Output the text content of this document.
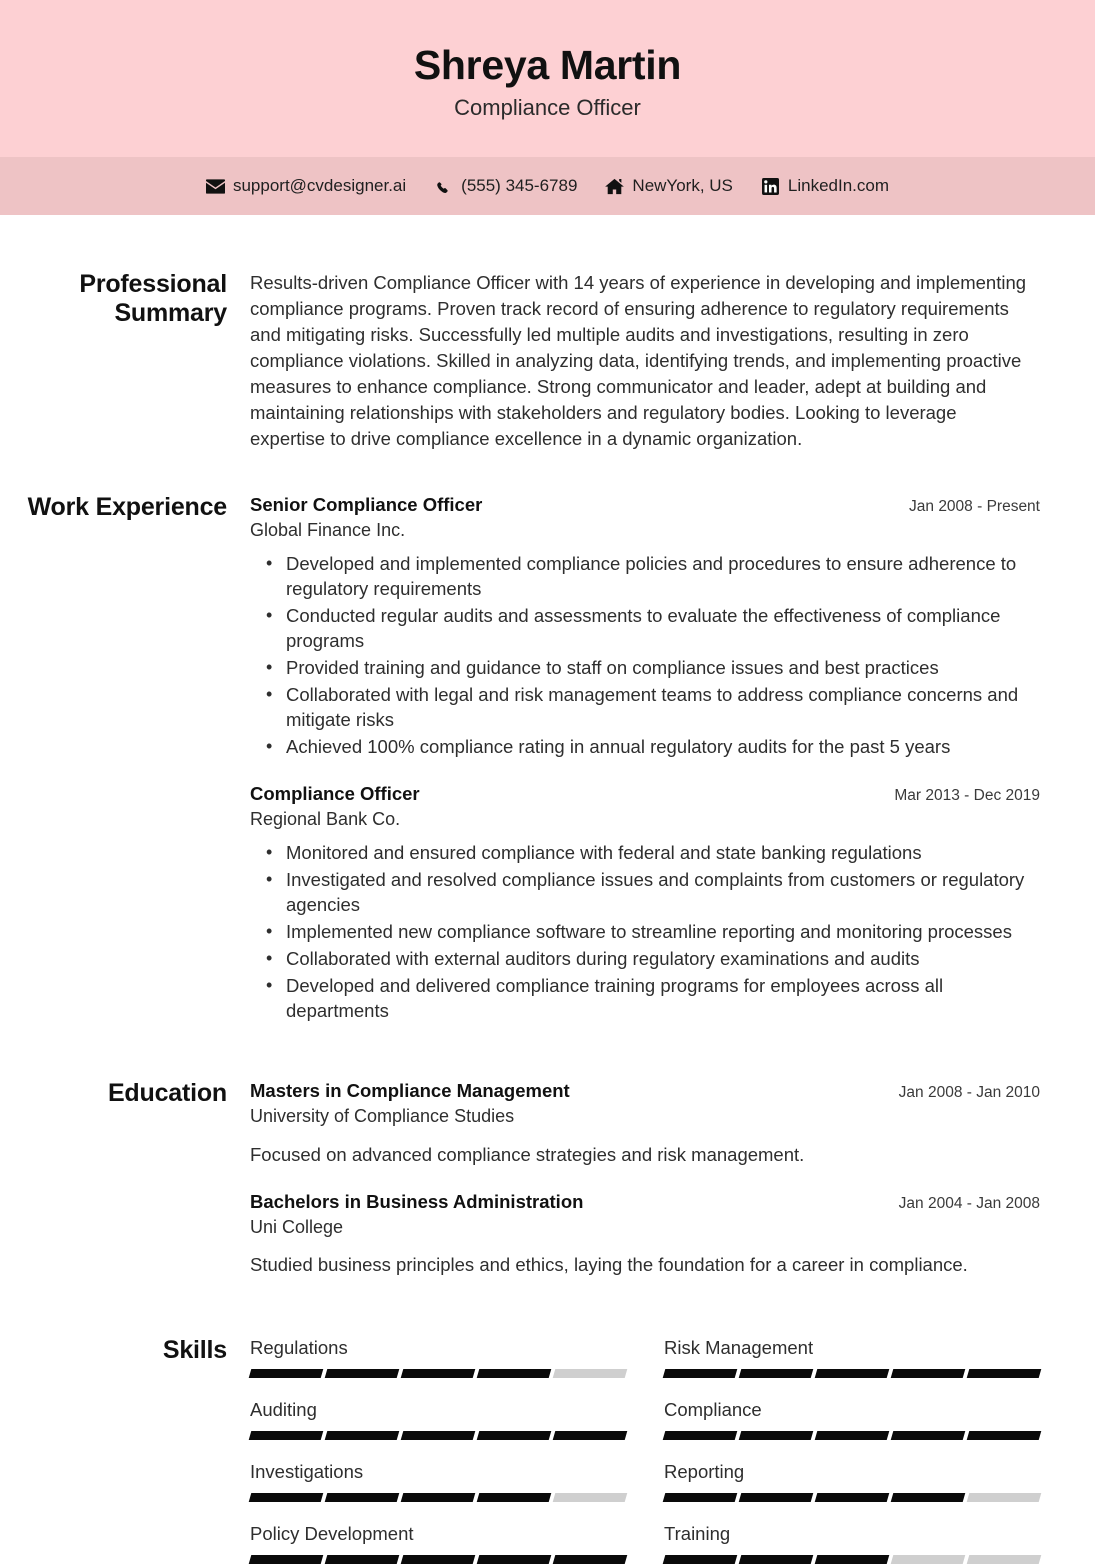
Shreya Martin
Compliance Officer
support@cvdesigner.ai	(555) 345-6789	NewYork, US	LinkedIn.com
Professional Summary

Results-driven Compliance Officer with 14 years of experience in developing and implementing compliance programs. Proven track record of ensuring adherence to regulatory requirements and mitigating risks. Successfully led multiple audits and investigations, resulting in zero compliance violations. Skilled in analyzing data, identifying trends, and implementing proactive measures to enhance compliance. Strong communicator and leader, adept at building and maintaining relationships with stakeholders and regulatory bodies. Looking to leverage expertise to drive compliance excellence in a dynamic organization.

Work Experience Senior Compliance Officer	Jan 2008 - Present
Global Finance Inc.
• Developed and implemented compliance policies and procedures to ensure adherence to regulatory requirements
• Conducted regular audits and assessments to evaluate the effectiveness of compliance programs
• Provided training and guidance to staff on compliance issues and best practices
• Collaborated with legal and risk management teams to address compliance concerns and mitigate risks
• Achieved 100% compliance rating in annual regulatory audits for the past 5 years
Compliance Officer	Mar 2013 - Dec 2019
Regional Bank Co.
• Monitored and ensured compliance with federal and state banking regulations
• Investigated and resolved compliance issues and complaints from customers or regulatory agencies
• Implemented new compliance software to streamline reporting and monitoring processes
• Collaborated with external auditors during regulatory examinations and audits
• Developed and delivered compliance training programs for employees across all departments
Education Masters in Compliance Management	Jan 2008 - Jan 2010
University of Compliance Studies
Focused on advanced compliance strategies and risk management.
Bachelors in Business Administration	Jan 2004 - Jan 2008
Uni College
Studied business principles and ethics, laying the foundation for a career in compliance.
Skills Regulations	Risk Management
Auditing	Compliance
Investigations	Reporting
Policy Development	Training
